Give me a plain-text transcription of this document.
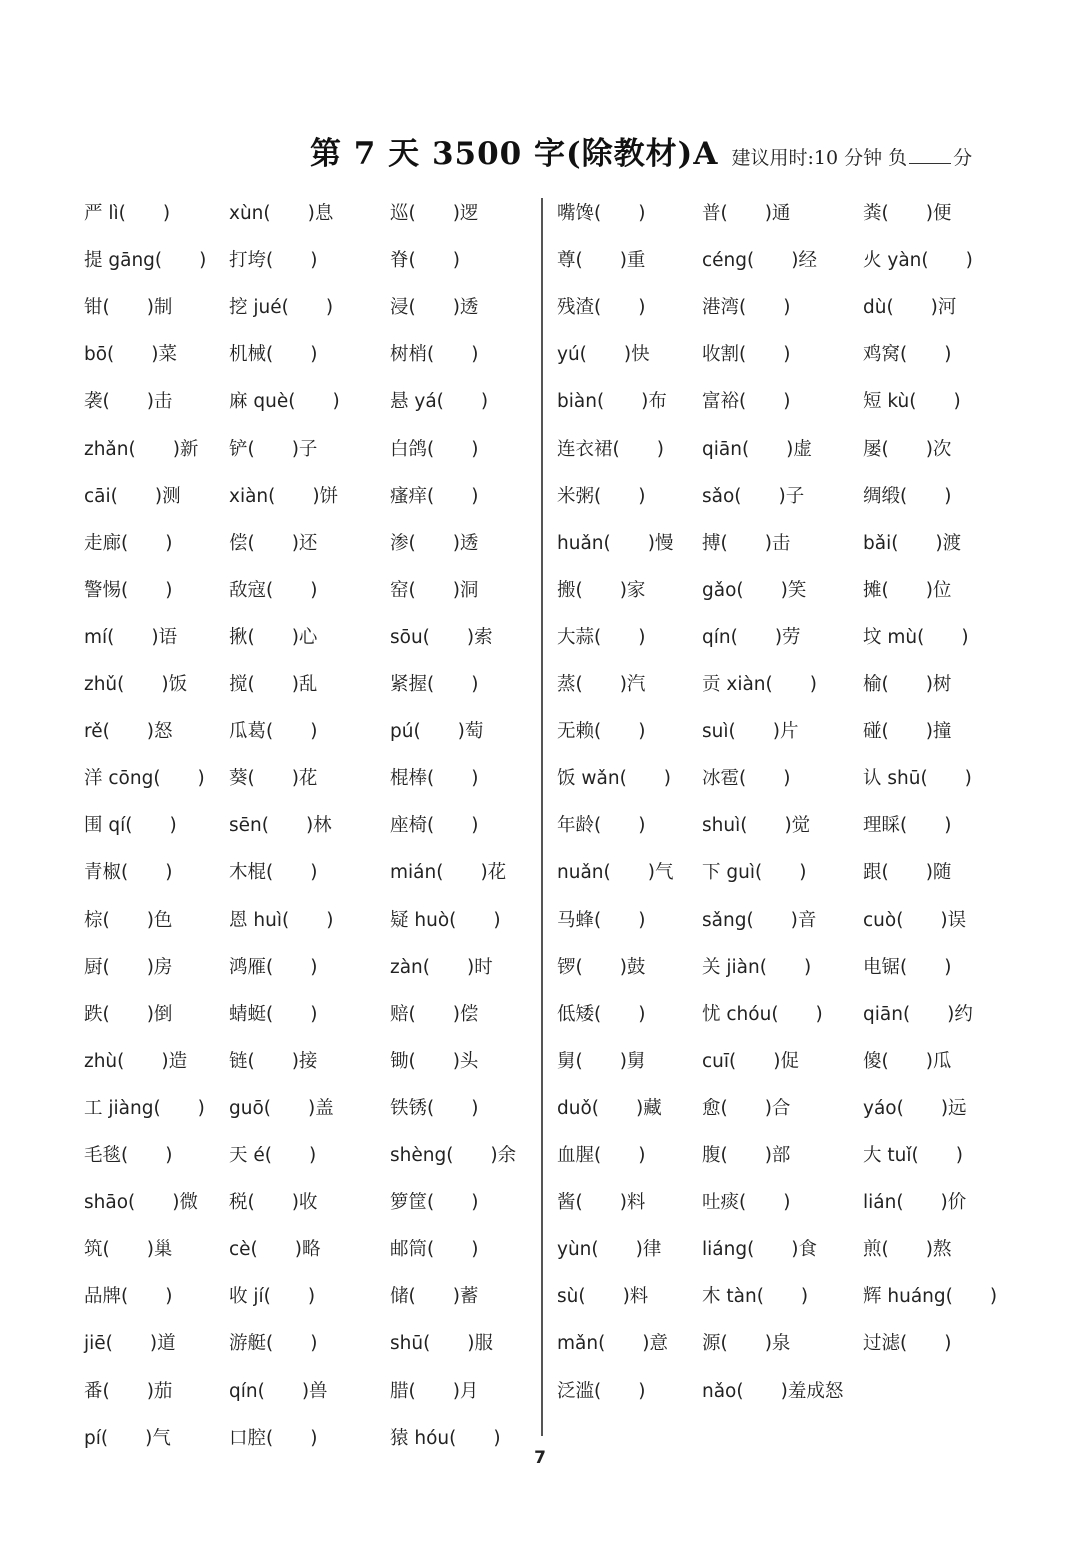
第 7 天 3500 字(除教材)A 建议用时:10 分钟 负 分
严 lì(　　)
提 gāng(　　)
钳(　　)制
bō(　　)菜
袭(　　)击
zhǎn(　　)新
cāi(　　)测
走廊(　　)
警惕(　　)
mí(　　)语
zhǔ(　　)饭
rě(　　)怒
洋 cōng(　　)
围 qí(　　)
青椒(　　)
棕(　　)色
厨(　　)房
跌(　　)倒
zhù(　　)造
工 jiàng(　　)
毛毯(　　)
shāo(　　)微
筑(　　)巢
品牌(　　)
jiē(　　)道
番(　　)茄
pí(　　)气
xùn(　　)息
打垮(　　)
挖 jué(　　)
机械(　　)
麻 què(　　)
铲(　　)子
xiàn(　　)饼
偿(　　)还
敌寇(　　)
揪(　　)心
搅(　　)乱
瓜葛(　　)
葵(　　)花
sēn(　　)林
木棍(　　)
恩 huì(　　)
鸿雁(　　)
蜻蜓(　　)
链(　　)接
guō(　　)盖
天 é(　　)
税(　　)收
cè(　　)略
收 jí(　　)
游艇(　　)
qín(　　)兽
口腔(　　)
巡(　　)逻
脊(　　)
浸(　　)透
树梢(　　)
悬 yá(　　)
白鸽(　　)
瘙痒(　　)
渗(　　)透
窑(　　)洞
sōu(　　)索
紧握(　　)
pú(　　)萄
棍棒(　　)
座椅(　　)
mián(　　)花
疑 huò(　　)
zàn(　　)时
赔(　　)偿
锄(　　)头
铁锈(　　)
shèng(　　)余
箩筐(　　)
邮筒(　　)
储(　　)蓄
shū(　　)服
腊(　　)月
猿 hóu(　　)
嘴馋(　　)
尊(　　)重
残渣(　　)
yú(　　)快
biàn(　　)布
连衣裙(　　)
米粥(　　)
huǎn(　　)慢
搬(　　)家
大蒜(　　)
蒸(　　)汽
无赖(　　)
饭 wǎn(　　)
年龄(　　)
nuǎn(　　)气
马蜂(　　)
锣(　　)鼓
低矮(　　)
舅(　　)舅
duǒ(　　)藏
血腥(　　)
酱(　　)料
yùn(　　)律
sù(　　)料
mǎn(　　)意
泛滥(　　)
普(　　)通
céng(　　)经
港湾(　　)
收割(　　)
富裕(　　)
qiān(　　)虚
sǎo(　　)子
搏(　　)击
gǎo(　　)笑
qín(　　)劳
贡 xiàn(　　)
suì(　　)片
冰雹(　　)
shuì(　　)觉
下 guì(　　)
sǎng(　　)音
关 jiàn(　　)
忧 chóu(　　)
cuī(　　)促
愈(　　)合
腹(　　)部
吐痰(　　)
liáng(　　)食
木 tàn(　　)
源(　　)泉
nǎo(　　)羞成怒
粪(　　)便
火 yàn(　　)
dù(　　)河
鸡窝(　　)
短 kù(　　)
屡(　　)次
绸缎(　　)
bǎi(　　)渡
摊(　　)位
坟 mù(　　)
榆(　　)树
碰(　　)撞
认 shū(　　)
理睬(　　)
跟(　　)随
cuò(　　)误
电锯(　　)
qiān(　　)约
傻(　　)瓜
yáo(　　)远
大 tuǐ(　　)
lián(　　)价
煎(　　)熬
辉 huáng(　　)
过滤(　　)
7
